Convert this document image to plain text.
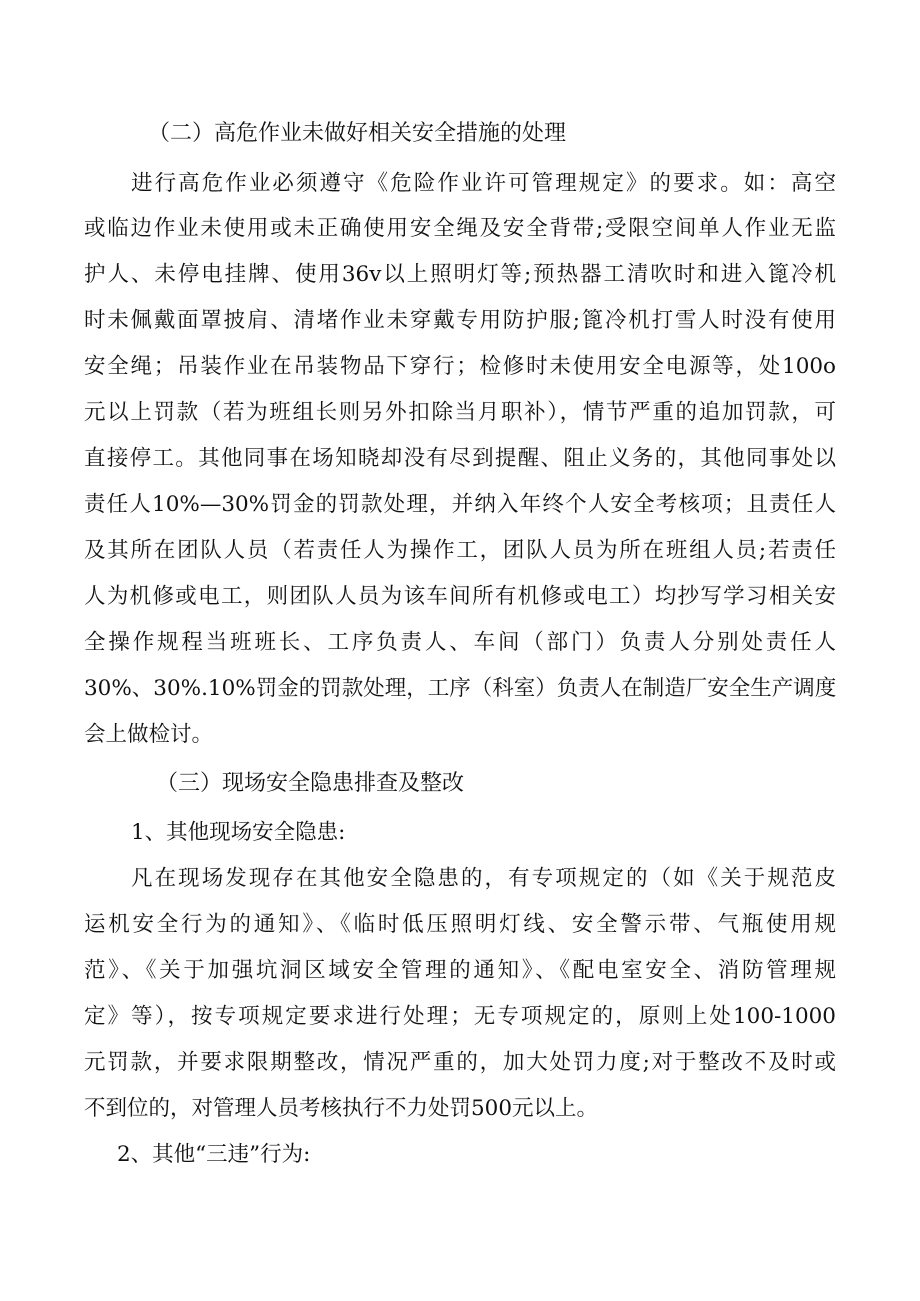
（二）高危作业未做好相关安全措施的处理
进行高危作业必须遵守《危险作业许可管理规定》的要求。如：高空
或临边作业未使用或未正确使用安全绳及安全背带;受限空间单人作业无监
护人、未停电挂牌、使用36v以上照明灯等;预热器工清吹时和进入篦冷机
时未佩戴面罩披肩、清堵作业未穿戴专用防护服;篦冷机打雪人时没有使用
安全绳；吊装作业在吊装物品下穿行；检修时未使用安全电源等，处100o
元以上罚款（若为班组长则另外扣除当月职补），情节严重的追加罚款，可
直接停工。其他同事在场知晓却没有尽到提醒、阻止义务的，其他同事处以
责任人10%—30%罚金的罚款处理，并纳入年终个人安全考核项；且责任人
及其所在团队人员（若责任人为操作工，团队人员为所在班组人员;若责任
人为机修或电工，则团队人员为该车间所有机修或电工）均抄写学习相关安
全操作规程当班班长、工序负责人、车间（部门）负责人分别处责任人
30%、30%.10%罚金的罚款处理，工序（科室）负责人在制造厂安全生产调度
会上做检讨。
（三）现场安全隐患排查及整改
1、其他现场安全隐患:
凡在现场发现存在其他安全隐患的，有专项规定的（如《关于规范皮
运机安全行为的通知》、《临时低压照明灯线、安全警示带、气瓶使用规
范》、《关于加强坑洞区域安全管理的通知》、《配电室安全、消防管理规
定》等），按专项规定要求进行处理；无专项规定的，原则上处100-1000
元罚款，并要求限期整改，情况严重的，加大处罚力度;对于整改不及时或
不到位的，对管理人员考核执行不力处罚500元以上。
2、其他“三违”行为:
